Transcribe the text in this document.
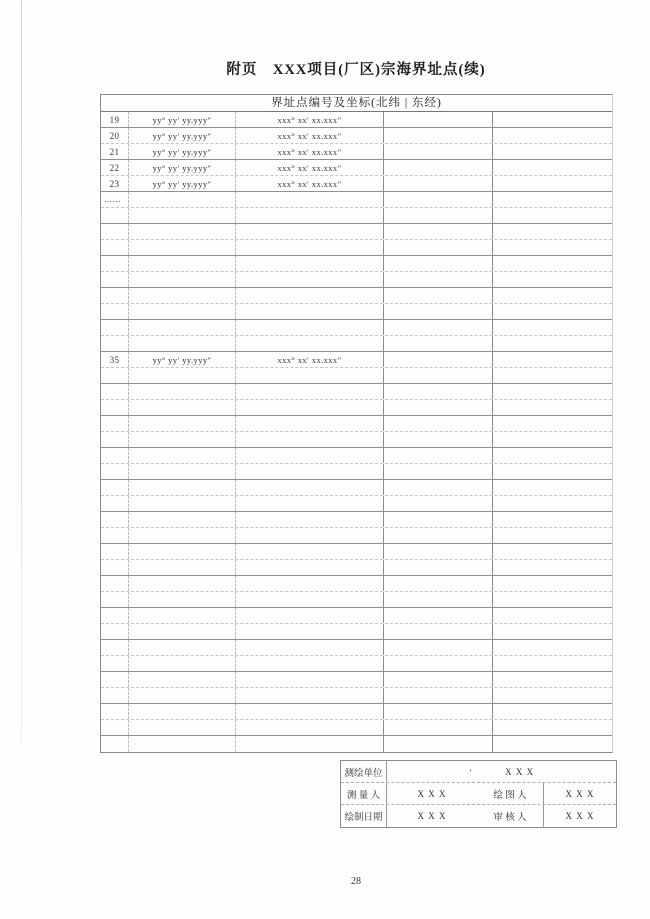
附页　XXX项目(厂区)宗海界址点(续)
界址点编号及坐标(北纬 | 东经)
19	yy° yy′ yy.yyy″	xxx° xx′ xx.xxx″
20	yy° yy′ yy.yyy″	xxx° xx′ xx.xxx″
21	yy° yy′ yy.yyy″	xxx° xx′ xx.xxx″
22	yy° yy′ yy.yyy″	xxx° xx′ xx.xxx″
23	yy° yy′ yy.yyy″	xxx° xx′ xx.xxx″
……
35	yy° yy′ yy.yyy″	xxx° xx′ xx.xxx″
测绘单位	·	X X X
测 量 人	X X X	绘 图 人	X X X
绘制日期	X X X	审 核 人	X X X
28
